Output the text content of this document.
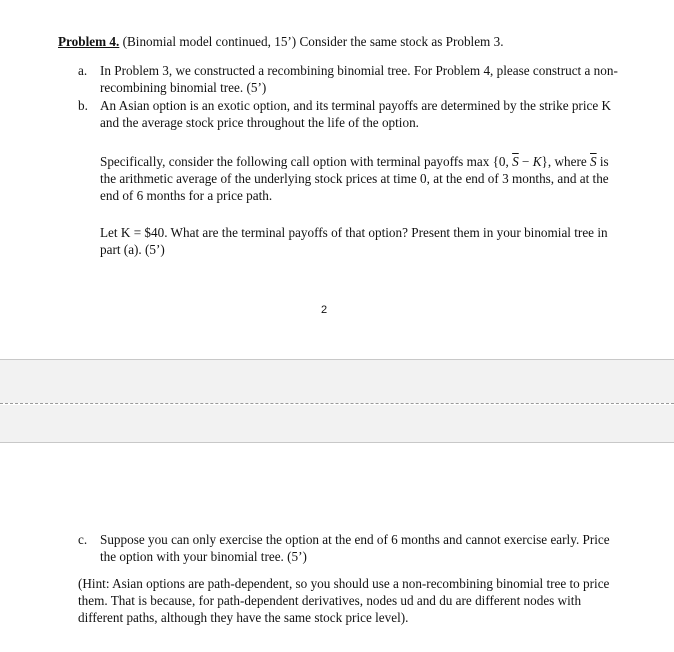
Problem 4. (Binomial model continued, 15’) Consider the same stock as Problem 3.
a. In Problem 3, we constructed a recombining binomial tree. For Problem 4, please construct a non-recombining binomial tree. (5’)
b. An Asian option is an exotic option, and its terminal payoffs are determined by the strike price K and the average stock price throughout the life of the option.
Specifically, consider the following call option with terminal payoffs max {0, $\overline{S} - K$}, where $\overline{S}$ is the arithmetic average of the underlying stock prices at time 0, at the end of 3 months, and at the end of 6 months for a price path.
Let K = $40. What are the terminal payoffs of that option? Present them in your binomial tree in part (a). (5’)
2
c. Suppose you can only exercise the option at the end of 6 months and cannot exercise early. Price the option with your binomial tree. (5’)
(Hint: Asian options are path-dependent, so you should use a non-recombining binomial tree to price them. That is because, for path-dependent derivatives, nodes ud and du are different nodes with different paths, although they have the same stock price level).
